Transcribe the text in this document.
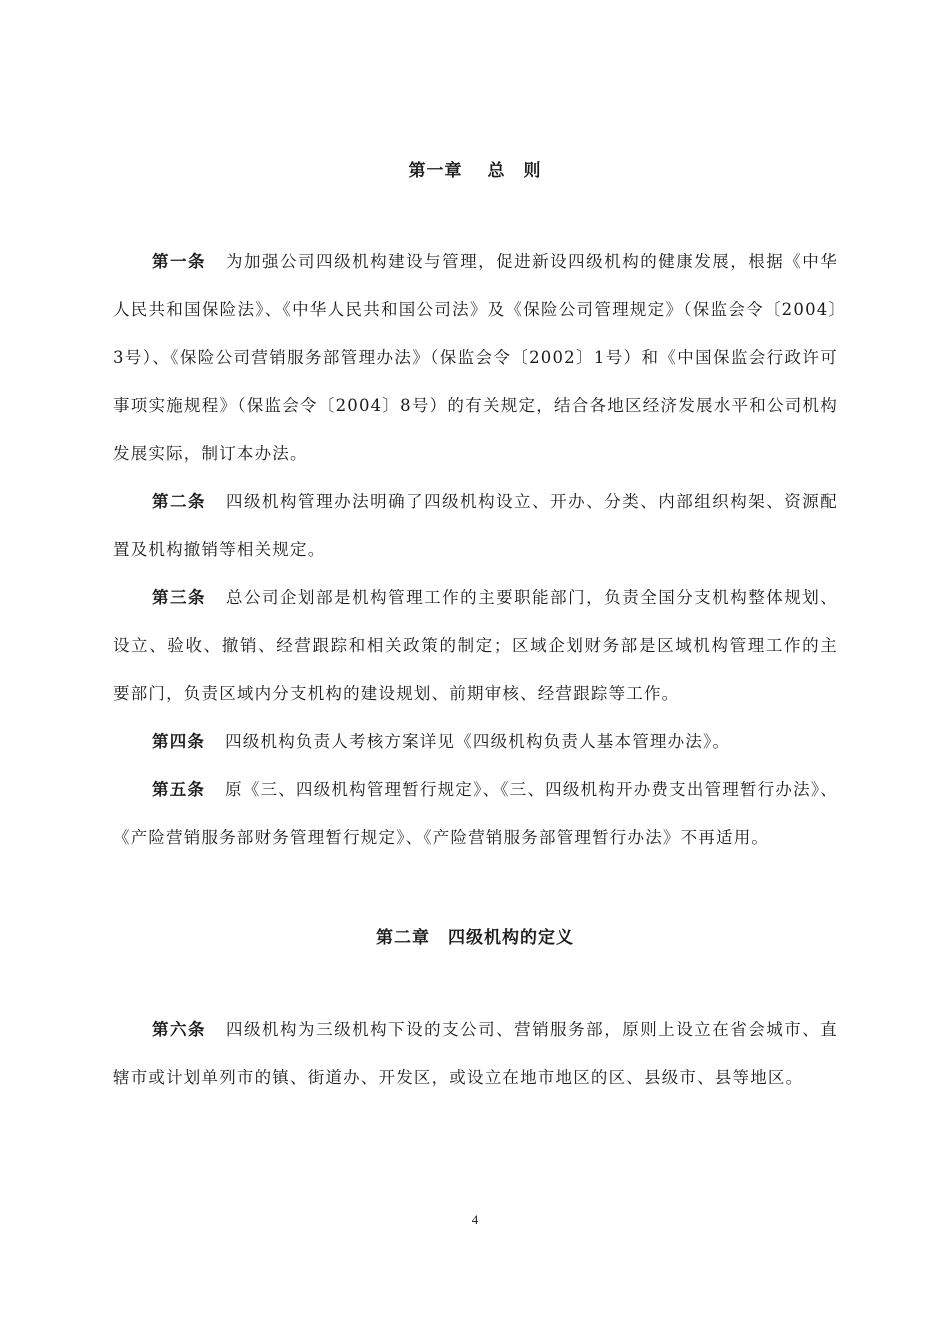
第一章　 总　则
第一条 为加强公司四级机构建设与管理，促进新设四级机构的健康发展，根据《中华人民共和国保险法》、《中华人民共和国公司法》及《保险公司管理规定》（保监会令〔2004〕3号）、《保险公司营销服务部管理办法》（保监会令〔2002〕1号）和《中国保监会行政许可事项实施规程》（保监会令〔2004〕8号）的有关规定，结合各地区经济发展水平和公司机构发展实际，制订本办法。
第二条 四级机构管理办法明确了四级机构设立、开办、分类、内部组织构架、资源配置及机构撤销等相关规定。
第三条 总公司企划部是机构管理工作的主要职能部门，负责全国分支机构整体规划、设立、验收、撤销、经营跟踪和相关政策的制定；区域企划财务部是区域机构管理工作的主要部门，负责区域内分支机构的建设规划、前期审核、经营跟踪等工作。
第四条 四级机构负责人考核方案详见《四级机构负责人基本管理办法》。
第五条 原《三、四级机构管理暂行规定》、《三、四级机构开办费支出管理暂行办法》、《产险营销服务部财务管理暂行规定》、《产险营销服务部管理暂行办法》不再适用。
第二章　四级机构的定义
第六条 四级机构为三级机构下设的支公司、营销服务部，原则上设立在省会城市、直辖市或计划单列市的镇、街道办、开发区，或设立在地市地区的区、县级市、县等地区。
4
